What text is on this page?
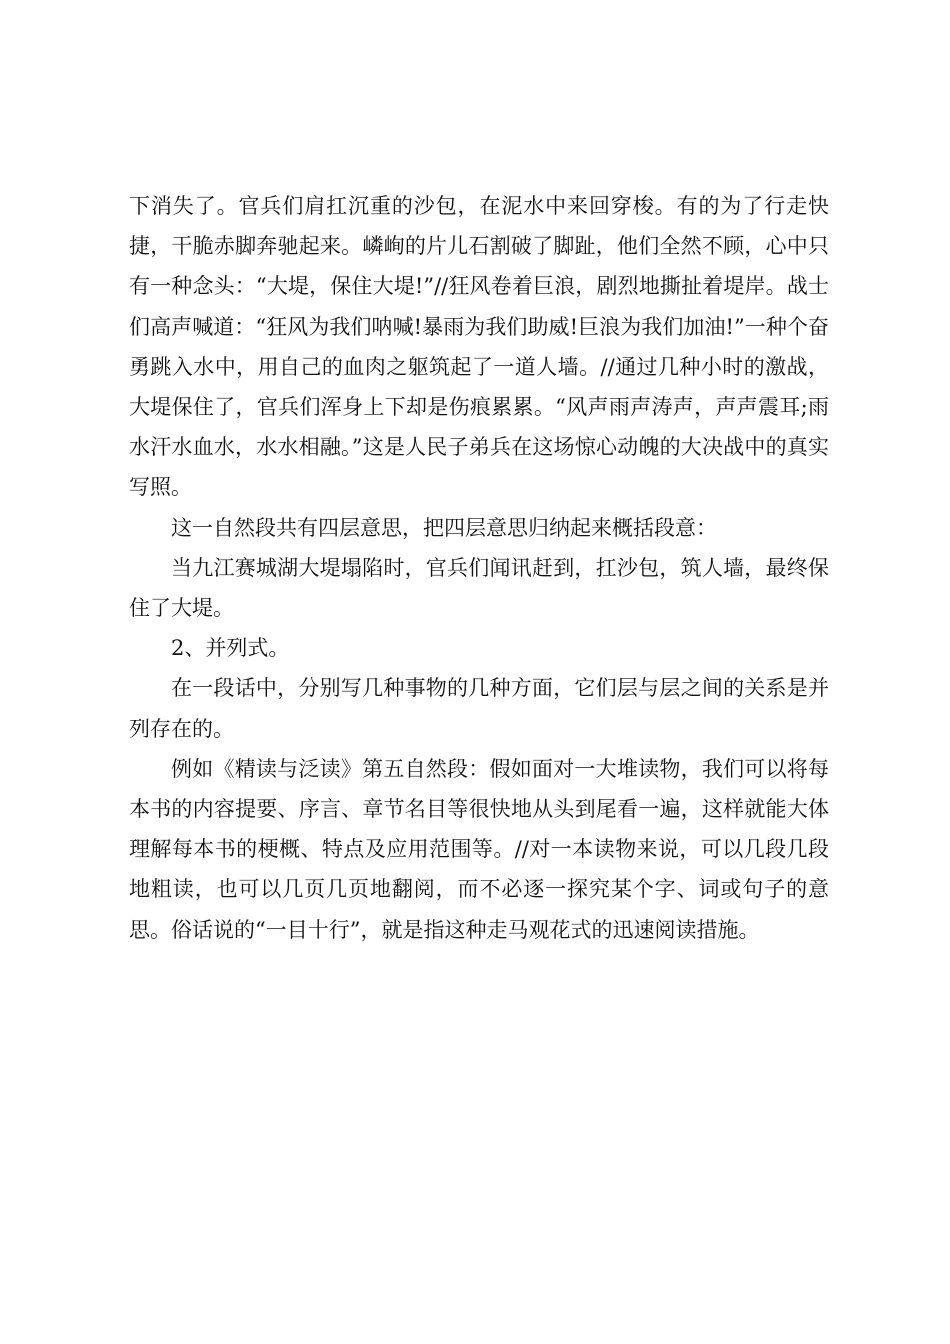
下消失了。官兵们肩扛沉重的沙包，在泥水中来回穿梭。有的为了行走快捷，干脆赤脚奔驰起来。嶙峋的片儿石割破了脚趾，他们全然不顾，心中只有一种念头：“大堤，保住大堤!”//狂风卷着巨浪，剧烈地撕扯着堤岸。战士们高声喊道：“狂风为我们呐喊!暴雨为我们助威!巨浪为我们加油!”一种个奋勇跳入水中，用自己的血肉之躯筑起了一道人墙。//通过几种小时的激战，大堤保住了，官兵们浑身上下却是伤痕累累。“风声雨声涛声，声声震耳;雨水汗水血水，水水相融。”这是人民子弟兵在这场惊心动魄的大决战中的真实写照。

这一自然段共有四层意思，把四层意思归纳起来概括段意：

当九江赛城湖大堤塌陷时，官兵们闻讯赶到，扛沙包，筑人墙，最终保住了大堤。

2、并列式。

在一段话中，分别写几种事物的几种方面，它们层与层之间的关系是并列存在的。

例如《精读与泛读》第五自然段：假如面对一大堆读物，我们可以将每本书的内容提要、序言、章节名目等很快地从头到尾看一遍，这样就能大体理解每本书的梗概、特点及应用范围等。//对一本读物来说，可以几段几段地粗读，也可以几页几页地翻阅，而不必逐一探究某个字、词或句子的意思。俗话说的“一目十行”，就是指这种走马观花式的迅速阅读措施。
